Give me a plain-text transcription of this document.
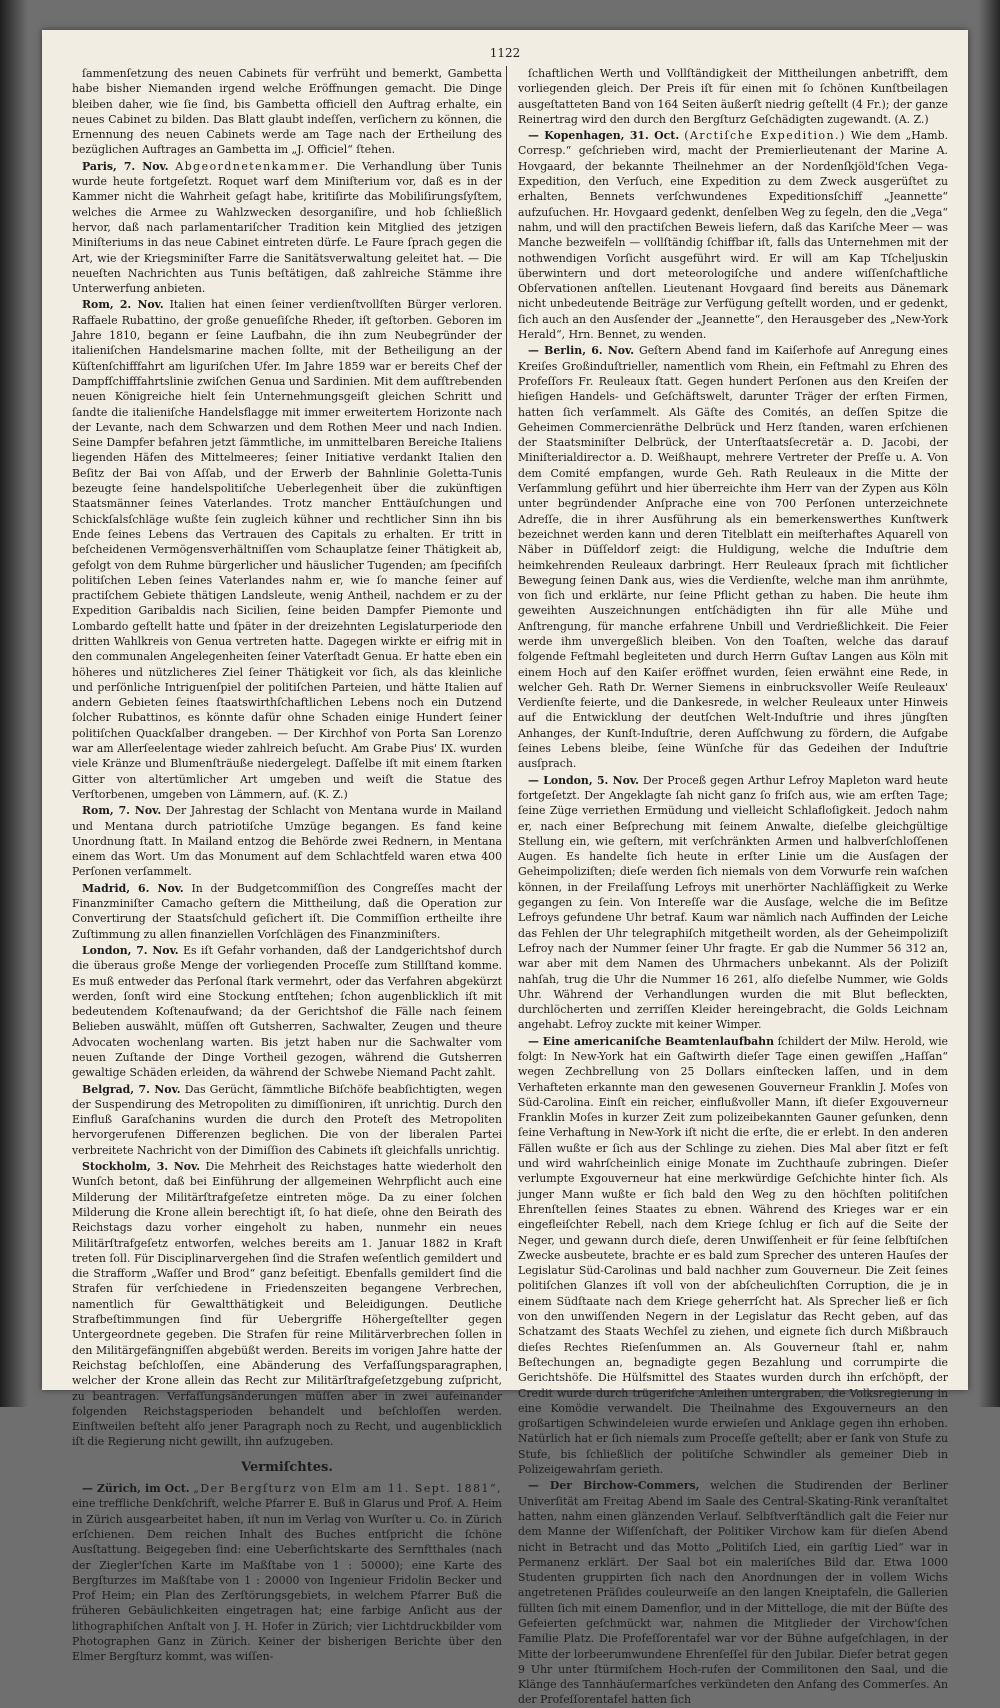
1122

ſammenſetzung des neuen Cabinets für verfrüht und bemerkt, Gambetta habe bisher Niemanden irgend welche Eröffnungen gemacht. Die Dinge bleiben daher, wie ſie ſind, bis Gambetta officiell den Auftrag erhalte, ein neues Cabinet zu bilden. Das Blatt glaubt indeſſen, verſichern zu können, die Ernennung des neuen Cabinets werde am Tage nach der Ertheilung des bezüglichen Auftrages an Gambetta im „J. Officiel“ ſtehen.

Paris, 7. Nov. Abgeordnetenkammer. Die Verhandlung über Tunis wurde heute fortgeſetzt. Roquet warf dem Miniſterium vor, daß es in der Kammer nicht die Wahrheit geſagt habe, kritiſirte das Mobiliſirungsſyſtem, welches die Armee zu Wahlzwecken desorganiſire, und hob ſchließlich hervor, daß nach parlamentariſcher Tradition kein Mitglied des jetzigen Miniſteriums in das neue Cabinet eintreten dürfe. Le Faure ſprach gegen die Art, wie der Kriegsminiſter Farre die Sanitätsverwaltung geleitet hat. — Die neueſten Nachrichten aus Tunis beſtätigen, daß zahlreiche Stämme ihre Unterwerfung anbieten.

Rom, 2. Nov. Italien hat einen ſeiner verdienſtvollſten Bürger verloren. Raffaele Rubattino, der große genueſiſche Rheder, iſt geſtorben. Geboren im Jahre 1810, begann er ſeine Laufbahn, die ihn zum Neubegründer der italieniſchen Handelsmarine machen ſollte, mit der Betheiligung an der Küſtenſchifffahrt am liguriſchen Ufer. Im Jahre 1859 war er bereits Chef der Dampfſchifffahrtslinie zwiſchen Genua und Sardinien. Mit dem aufſtrebenden neuen Königreiche hielt ſein Unternehmungsgeiſt gleichen Schritt und ſandte die italieniſche Handelsflagge mit immer erweitertem Horizonte nach der Levante, nach dem Schwarzen und dem Rothen Meer und nach Indien. Seine Dampfer befahren jetzt ſämmtliche, im unmittelbaren Bereiche Italiens liegenden Häfen des Mittelmeeres; ſeiner Initiative verdankt Italien den Beſitz der Bai von Aſſab, und der Erwerb der Bahnlinie Goletta-Tunis bezeugte ſeine handelspolitiſche Ueberlegenheit über die zukünftigen Staatsmänner ſeines Vaterlandes. Trotz mancher Enttäuſchungen und Schickſalsſchläge wußte ſein zugleich kühner und rechtlicher Sinn ihn bis Ende ſeines Lebens das Vertrauen des Capitals zu erhalten. Er tritt in beſcheidenen Vermögensverhältniſſen vom Schauplatze ſeiner Thätigkeit ab, gefolgt von dem Ruhme bürgerlicher und häuslicher Tugenden; am ſpecifiſch politiſchen Leben ſeines Vaterlandes nahm er, wie ſo manche ſeiner auf practiſchem Gebiete thätigen Landsleute, wenig Antheil, nachdem er zu der Expedition Garibaldis nach Sicilien, ſeine beiden Dampfer Piemonte und Lombardo geſtellt hatte und ſpäter in der dreizehnten Legislaturperiode den dritten Wahlkreis von Genua vertreten hatte. Dagegen wirkte er eifrig mit in den communalen Angelegenheiten ſeiner Vaterſtadt Genua. Er hatte eben ein höheres und nützlicheres Ziel ſeiner Thätigkeit vor ſich, als das kleinliche und perſönliche Intriguenſpiel der politiſchen Parteien, und hätte Italien auf andern Gebieten ſeines ſtaatswirthſchaftlichen Lebens noch ein Dutzend ſolcher Rubattinos, es könnte dafür ohne Schaden einige Hundert ſeiner politiſchen Quackſalber drangeben. — Der Kirchhof von Porta San Lorenzo war am Allerſeelentage wieder zahlreich beſucht. Am Grabe Pius' IX. wurden viele Kränze und Blumenſträuße niedergelegt. Daſſelbe iſt mit einem ſtarken Gitter von altertümlicher Art umgeben und weiſt die Statue des Verſtorbenen, umgeben von Lämmern, auf. (K. Z.)

Rom, 7. Nov. Der Jahrestag der Schlacht von Mentana wurde in Mailand und Mentana durch patriotiſche Umzüge begangen. Es fand keine Unordnung ſtatt. In Mailand entzog die Behörde zwei Rednern, in Mentana einem das Wort. Um das Monument auf dem Schlachtfeld waren etwa 400 Perſonen verſammelt.

Madrid, 6. Nov. In der Budgetcommiſſion des Congreſſes macht der Finanzminiſter Camacho geſtern die Mittheilung, daß die Operation zur Convertirung der Staatsſchuld geſichert iſt. Die Commiſſion ertheilte ihre Zuſtimmung zu allen finanziellen Vorſchlägen des Finanzminiſters.

London, 7. Nov. Es iſt Gefahr vorhanden, daß der Landgerichtshof durch die überaus große Menge der vorliegenden Proceſſe zum Stillſtand komme. Es muß entweder das Perſonal ſtark vermehrt, oder das Verfahren abgekürzt werden, ſonſt wird eine Stockung entſtehen; ſchon augenblicklich iſt mit bedeutendem Koſtenaufwand; da der Gerichtshof die Fälle nach ſeinem Belieben auswählt, müſſen oft Gutsherren, Sachwalter, Zeugen und theure Advocaten wochenlang warten. Bis jetzt haben nur die Sachwalter vom neuen Zuſtande der Dinge Vortheil gezogen, während die Gutsherren gewaltige Schäden erleiden, da während der Schwebe Niemand Pacht zahlt.

Belgrad, 7. Nov. Das Gerücht, ſämmtliche Biſchöfe beabſichtigten, wegen der Suspendirung des Metropoliten zu dimiſſioniren, iſt unrichtig. Durch den Einfluß Garaſchanins wurden die durch den Proteſt des Metropoliten hervorgerufenen Differenzen beglichen. Die von der liberalen Partei verbreitete Nachricht von der Dimiſſion des Cabinets iſt gleichfalls unrichtig.

Stockholm, 3. Nov. Die Mehrheit des Reichstages hatte wiederholt den Wunſch betont, daß bei Einführung der allgemeinen Wehrpflicht auch eine Milderung der Militärſtrafgeſetze eintreten möge. Da zu einer ſolchen Milderung die Krone allein berechtigt iſt, ſo hat dieſe, ohne den Beirath des Reichstags dazu vorher eingeholt zu haben, nunmehr ein neues Militärſtrafgeſetz entworfen, welches bereits am 1. Januar 1882 in Kraft treten ſoll. Für Disciplinarvergehen ſind die Strafen weſentlich gemildert und die Strafform „Waſſer und Brod“ ganz beſeitigt. Ebenfalls gemildert ſind die Strafen für verſchiedene in Friedenszeiten begangene Verbrechen, namentlich für Gewaltthätigkeit und Beleidigungen. Deutliche Strafbeſtimmungen ſind für Uebergriffe Höhergeſtellter gegen Untergeordnete gegeben. Die Strafen für reine Militärverbrechen ſollen in den Militärgefängniſſen abgebüßt werden. Bereits im vorigen Jahre hatte der Reichstag beſchloſſen, eine Abänderung des Verfaſſungsparagraphen, welcher der Krone allein das Recht zur Militärſtrafgeſetzgebung zuſpricht, zu beantragen. Verfaſſungsänderungen müſſen aber in zwei aufeinander folgenden Reichstagsperioden behandelt und beſchloſſen werden. Einſtweilen beſteht alſo jener Paragraph noch zu Recht, und augenblicklich iſt die Regierung nicht gewillt, ihn aufzugeben.

Vermiſchtes.

— Zürich, im Oct. „Der Bergſturz von Elm am 11. Sept. 1881“, eine treffliche Denkſchrift, welche Pfarrer E. Buß in Glarus und Prof. A. Heim in Zürich ausgearbeitet haben, iſt nun im Verlag von Wurſter u. Co. in Zürich erſchienen. Dem reichen Inhalt des Buches entſpricht die ſchöne Ausſtattung. Beigegeben ſind: eine Ueberſichtskarte des Sernftthales (nach der Ziegler'ſchen Karte im Maßſtabe von 1 : 50000); eine Karte des Bergſturzes im Maßſtabe von 1 : 20000 von Ingenieur Fridolin Becker und Prof Heim; ein Plan des Zerſtörungsgebiets, in welchem Pfarrer Buß die früheren Gebäulichkeiten eingetragen hat; eine farbige Anſicht aus der lithographiſchen Anſtalt von J. H. Hofer in Zürich; vier Lichtdruckbilder vom Photographen Ganz in Zürich. Keiner der bisherigen Berichte über den Elmer Bergſturz kommt, was wiſſen-

ſchaftlichen Werth und Vollſtändigkeit der Mittheilungen anbetrifft, dem vorliegenden gleich. Der Preis iſt für einen mit ſo ſchönen Kunſtbeilagen ausgeſtatteten Band von 164 Seiten äußerſt niedrig geſtellt (4 Fr.); der ganze Reinertrag wird den durch den Bergſturz Geſchädigten zugewandt. (A. Z.)

— Kopenhagen, 31. Oct. (Arctiſche Expedition.) Wie dem „Hamb. Corresp.“ geſchrieben wird, macht der Premierlieutenant der Marine A. Hovgaard, der bekannte Theilnehmer an der Nordenſkjöld'ſchen Vega-Expedition, den Verſuch, eine Expedition zu dem Zweck ausgerüſtet zu erhalten, Bennets verſchwundenes Expeditionsſchiff „Jeannette“ aufzuſuchen. Hr. Hovgaard gedenkt, denſelben Weg zu ſegeln, den die „Vega“ nahm, und will den practiſchen Beweis liefern, daß das Kariſche Meer — was Manche bezweifeln — vollſtändig ſchiffbar iſt, falls das Unternehmen mit der nothwendigen Vorſicht ausgeführt wird. Er will am Kap Tſcheljuskin überwintern und dort meteorologiſche und andere wiſſenſchaftliche Obſervationen anſtellen. Lieutenant Hovgaard ſind bereits aus Dänemark nicht unbedeutende Beiträge zur Verfügung geſtellt worden, und er gedenkt, ſich auch an den Ausſender der „Jeannette“, den Herausgeber des „New-York Herald“, Hrn. Bennet, zu wenden.

— Berlin, 6. Nov. Geſtern Abend fand im Kaiſerhofe auf Anregung eines Kreiſes Großinduſtrieller, namentlich vom Rhein, ein Feſtmahl zu Ehren des Profeſſors Fr. Reuleaux ſtatt. Gegen hundert Perſonen aus den Kreiſen der hieſigen Handels- und Geſchäftswelt, darunter Träger der erſten Firmen, hatten ſich verſammelt. Als Gäſte des Comités, an deſſen Spitze die Geheimen Commercienräthe Delbrück und Herz ſtanden, waren erſchienen der Staatsminiſter Delbrück, der Unterſtaatsſecretär a. D. Jacobi, der Miniſterialdirector a. D. Weißhaupt, mehrere Vertreter der Preſſe u. A. Von dem Comité empfangen, wurde Geh. Rath Reuleaux in die Mitte der Verſammlung geführt und hier überreichte ihm Herr van der Zypen aus Köln unter begründender Anſprache eine von 700 Perſonen unterzeichnete Adreſſe, die in ihrer Ausführung als ein bemerkenswerthes Kunſtwerk bezeichnet werden kann und deren Titelblatt ein meiſterhaftes Aquarell von Näber in Düſſeldorf zeigt: die Huldigung, welche die Induſtrie dem heimkehrenden Reuleaux darbringt. Herr Reuleaux ſprach mit ſichtlicher Bewegung ſeinen Dank aus, wies die Verdienſte, welche man ihm anrühmte, von ſich und erklärte, nur ſeine Pflicht gethan zu haben. Die heute ihm geweihten Auszeichnungen entſchädigten ihn für alle Mühe und Anſtrengung, für manche erfahrene Unbill und Verdrießlichkeit. Die Feier werde ihm unvergeßlich bleiben. Von den Toaſten, welche das darauf folgende Feſtmahl begleiteten und durch Herrn Guſtav Langen aus Köln mit einem Hoch auf den Kaiſer eröffnet wurden, ſeien erwähnt eine Rede, in welcher Geh. Rath Dr. Werner Siemens in einbrucksvoller Weiſe Reuleaux' Verdienſte feierte, und die Dankesrede, in welcher Reuleaux unter Hinweis auf die Entwicklung der deutſchen Welt-Induſtrie und ihres jüngſten Anhanges, der Kunſt-Induſtrie, deren Aufſchwung zu fördern, die Aufgabe ſeines Lebens bleibe, ſeine Wünſche für das Gedeihen der Induſtrie ausſprach.

— London, 5. Nov. Der Proceß gegen Arthur Lefroy Mapleton ward heute fortgeſetzt. Der Angeklagte ſah nicht ganz ſo friſch aus, wie am erſten Tage; ſeine Züge verriethen Ermüdung und vielleicht Schlafloſigkeit. Jedoch nahm er, nach einer Beſprechung mit ſeinem Anwalte, dieſelbe gleichgültige Stellung ein, wie geſtern, mit verſchränkten Armen und halbverſchloſſenen Augen. Es handelte ſich heute in erſter Linie um die Ausſagen der Geheimpoliziſten; dieſe werden ſich niemals von dem Vorwurfe rein waſchen können, in der Freilaſſung Lefroys mit unerhörter Nachläſſigkeit zu Werke gegangen zu ſein. Von Intereſſe war die Ausſage, welche die im Beſitze Lefroys gefundene Uhr betraf. Kaum war nämlich nach Auffinden der Leiche das Fehlen der Uhr telegraphiſch mitgetheilt worden, als der Geheimpoliziſt Lefroy nach der Nummer ſeiner Uhr fragte. Er gab die Nummer 56 312 an, war aber mit dem Namen des Uhrmachers unbekannt. Als der Poliziſt nahſah, trug die Uhr die Nummer 16 261, alſo dieſelbe Nummer, wie Golds Uhr. Während der Verhandlungen wurden die mit Blut befleckten, durchlöcherten und zerriſſen Kleider hereingebracht, die Golds Leichnam angehabt. Lefroy zuckte mit keiner Wimper.

— Eine americaniſche Beamtenlaufbahn ſchildert der Milw. Herold, wie folgt: In New-York hat ein Gaſtwirth dieſer Tage einen gewiſſen „Haſſan“ wegen Zechbrellung von 25 Dollars einſtecken laſſen, und in dem Verhafteten erkannte man den gewesenen Gouverneur Franklin J. Moſes von Süd-Carolina. Einſt ein reicher, einflußvoller Mann, iſt dieſer Exgouverneur Franklin Moſes in kurzer Zeit zum polizeibekannten Gauner geſunken, denn ſeine Verhaftung in New-York iſt nicht die erſte, die er erlebt. In den anderen Fällen wußte er ſich aus der Schlinge zu ziehen. Dies Mal aber ſitzt er feſt und wird wahrſcheinlich einige Monate im Zuchthauſe zubringen. Dieſer verlumpte Exgouverneur hat eine merkwürdige Geſchichte hinter ſich. Als junger Mann wußte er ſich bald den Weg zu den höchſten politiſchen Ehrenſtellen ſeines Staates zu ebnen. Während des Krieges war er ein eingefleiſchter Rebell, nach dem Kriege ſchlug er ſich auf die Seite der Neger, und gewann durch dieſe, deren Unwiſſenheit er für ſeine ſelbſtiſchen Zwecke ausbeutete, brachte er es bald zum Sprecher des unteren Hauſes der Legislatur Süd-Carolinas und bald nachher zum Gouverneur. Die Zeit ſeines politiſchen Glanzes iſt voll von der abſcheulichſten Corruption, die je in einem Südſtaate nach dem Kriege geherrſcht hat. Als Sprecher ließ er ſich von den unwiſſenden Negern in der Legislatur das Recht geben, auf das Schatzamt des Staats Wechſel zu ziehen, und eignete ſich durch Mißbrauch dieſes Rechtes Rieſenſummen an. Als Gouverneur ſtahl er, nahm Beſtechungen an, begnadigte gegen Bezahlung und corrumpirte die Gerichtshöfe. Die Hülfsmittel des Staates wurden durch ihn erſchöpft, der Credit wurde durch trügeriſche Anleihen untergraben, die Volksregierung in eine Komödie verwandelt. Die Theilnahme des Exgouverneurs an den großartigen Schwindeleien wurde erwieſen und Anklage gegen ihn erhoben. Natürlich hat er ſich niemals zum Proceſſe geſtellt; aber er ſank von Stufe zu Stufe, bis ſchließlich der politiſche Schwindler als gemeiner Dieb in Polizeigewahrſam gerieth.

— Der Birchow-Commers, welchen die Studirenden der Berliner Univerſität am Freitag Abend im Saale des Central-Skating-Rink veranſtaltet hatten, nahm einen glänzenden Verlauf. Selbſtverſtändlich galt die Feier nur dem Manne der Wiſſenſchaft, der Politiker Virchow kam für dieſen Abend nicht in Betracht und das Motto „Politiſch Lied, ein garſtig Lied“ war in Permanenz erklärt. Der Saal bot ein maleriſches Bild dar. Etwa 1000 Studenten gruppirten ſich nach den Anordnungen der in vollem Wichs angetretenen Präſides couleurweiſe an den langen Kneiptafeln, die Gallerien füllten ſich mit einem Damenflor, und in der Mittelloge, die mit der Büſte des Gefeierten geſchmückt war, nahmen die Mitglieder der Virchow'ſchen Familie Platz. Die Profeſſorentafel war vor der Bühne aufgeſchlagen, in der Mitte der lorbeerumwundene Ehrenſeſſel für den Jubilar. Dieſer betrat gegen 9 Uhr unter ſtürmiſchem Hoch-rufen der Commilitonen den Saal, und die Klänge des Tannhäuſermarſches verkündeten den Anfang des Commerſes. An der Profeſſorentafel hatten ſich
